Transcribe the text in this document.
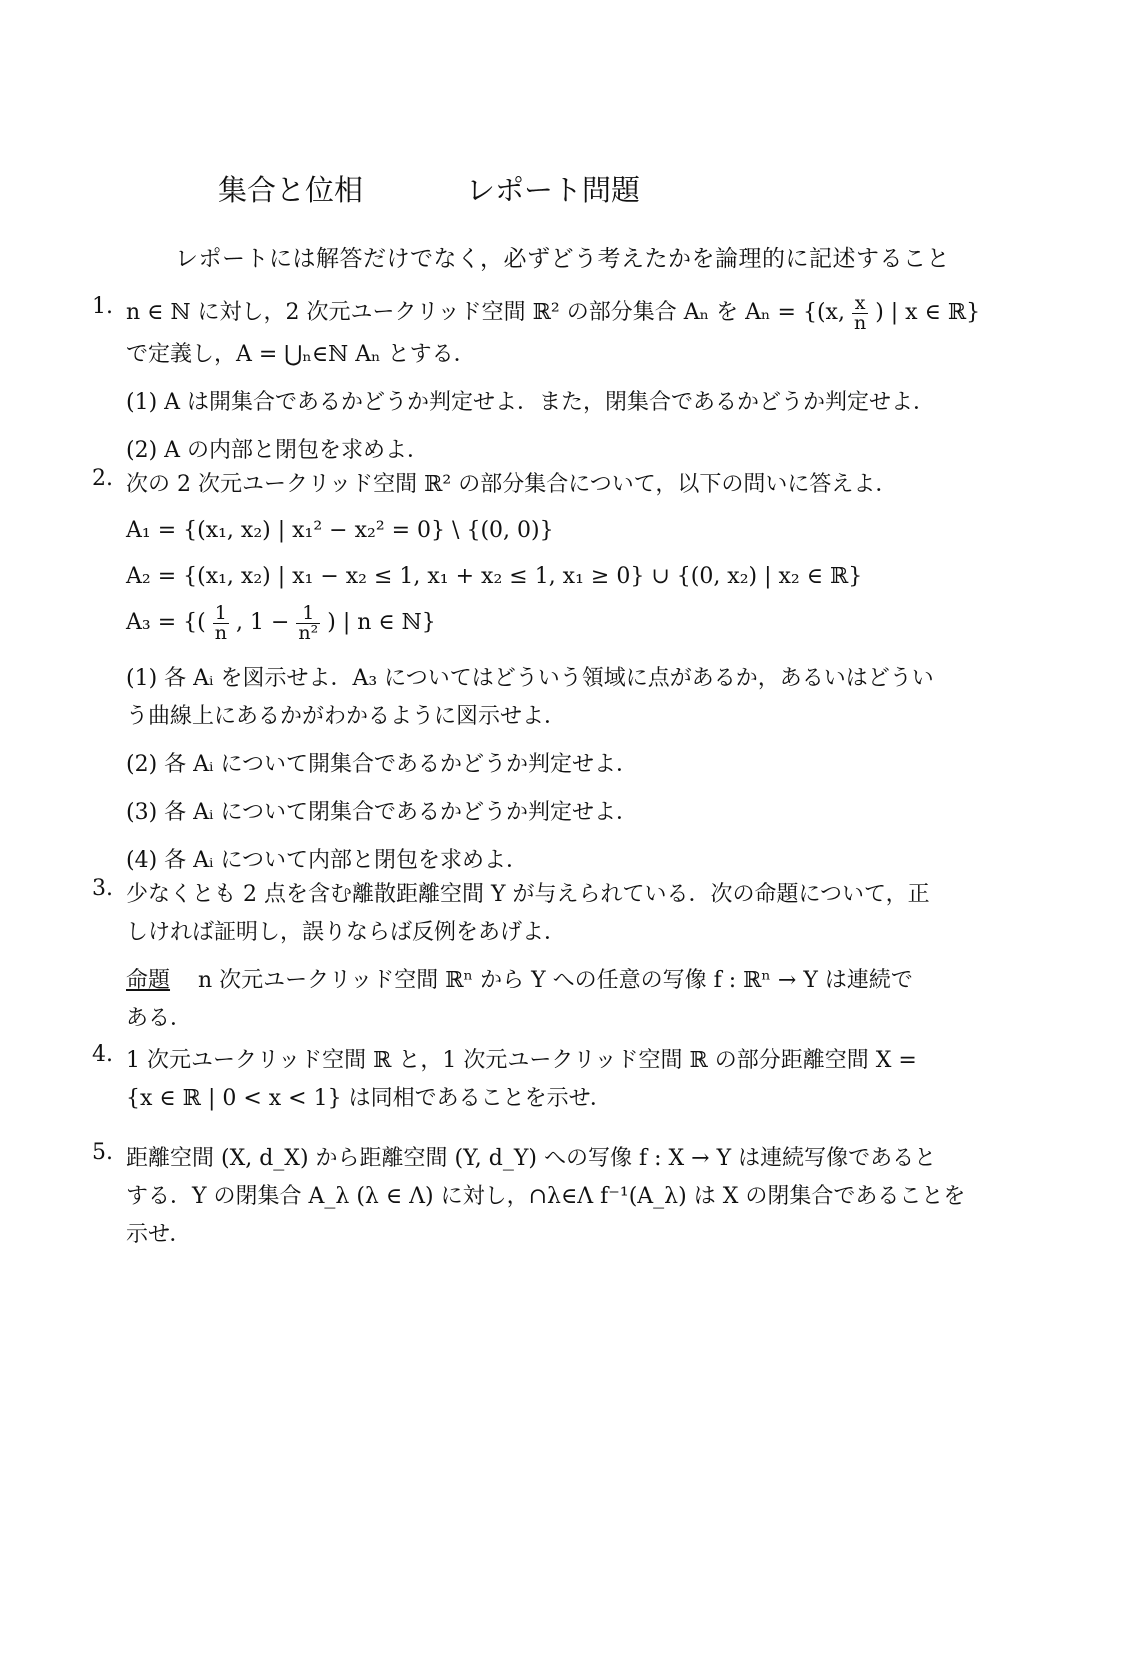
集合と位相	レポート問題
レポートには解答だけでなく，必ずどう考えたかを論理的に記述すること
1. n ∈ ℕ に対し，2 次元ユークリッド空間 ℝ² の部分集合 Aₙ を Aₙ = {(x, $\frac{x}{n}$ ) | x ∈ ℝ}
で定義し，A = ⋃ₙ∈ℕ Aₙ とする．
(1) A は開集合であるかどうか判定せよ．また，閉集合であるかどうか判定せよ．
(2) A の内部と閉包を求めよ．
2. 次の 2 次元ユークリッド空間 ℝ² の部分集合について，以下の問いに答えよ．
A₁ = {(x₁, x₂) | x₁² − x₂² = 0} \ {(0, 0)}
A₂ = {(x₁, x₂) | x₁ − x₂ ≤ 1, x₁ + x₂ ≤ 1, x₁ ≥ 0} ∪ {(0, x₂) | x₂ ∈ ℝ}
A₃ = {( $\frac{1}{n}$ , $1 - \frac{1}{\text{n²}}$ ) | n ∈ ℕ}
(1) 各 Aᵢ を図示せよ．A₃ についてはどういう領域に点があるか，あるいはどうい
う曲線上にあるかがわかるように図示せよ．
(2) 各 Aᵢ について開集合であるかどうか判定せよ．
(3) 各 Aᵢ について閉集合であるかどうか判定せよ．
(4) 各 Aᵢ について内部と閉包を求めよ．
3. 少なくとも 2 点を含む離散距離空間 Y が与えられている．次の命題について，正
しければ証明し，誤りならば反例をあげよ．
命題 n 次元ユークリッド空間 ℝⁿ から Y への任意の写像 f : ℝⁿ → Y は連続で
ある．
4. 1 次元ユークリッド空間 ℝ と，1 次元ユークリッド空間 ℝ の部分距離空間 X =
{x ∈ ℝ | 0 < x < 1} は同相であることを示せ．
5. 距離空間 (X, d_X) から距離空間 (Y, d_Y) への写像 f : X → Y は連続写像であると
する．Y の閉集合 A_λ (λ ∈ Λ) に対し，∩λ∈Λ f⁻¹(A_λ) は X の閉集合であることを
示せ．
